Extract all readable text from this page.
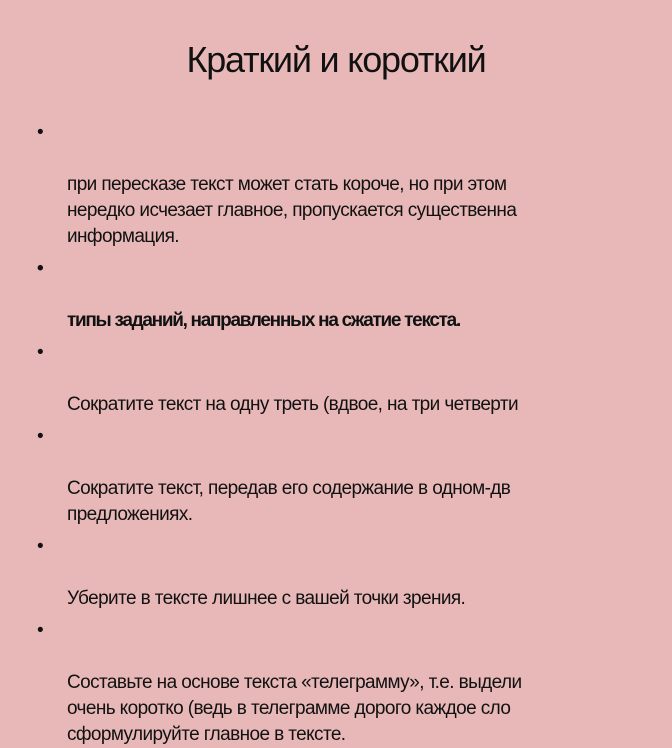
Краткий и короткий

•

при пересказе текст может стать короче, но при этом
нередко исчезает главное, пропускается существенна
информация.

•

типы заданий, направленных на сжатие текста.

•

Сократите текст на одну треть (вдвое, на три четверти

•

Сократите текст, передав его содержание в одном-дв
предложениях.

•

Уберите в тексте лишнее с вашей точки зрения.

•

Составьте на основе текста «телеграмму», т.е. выдели
очень коротко (ведь в телеграмме дорого каждое сло
сформулируйте главное в тексте.
